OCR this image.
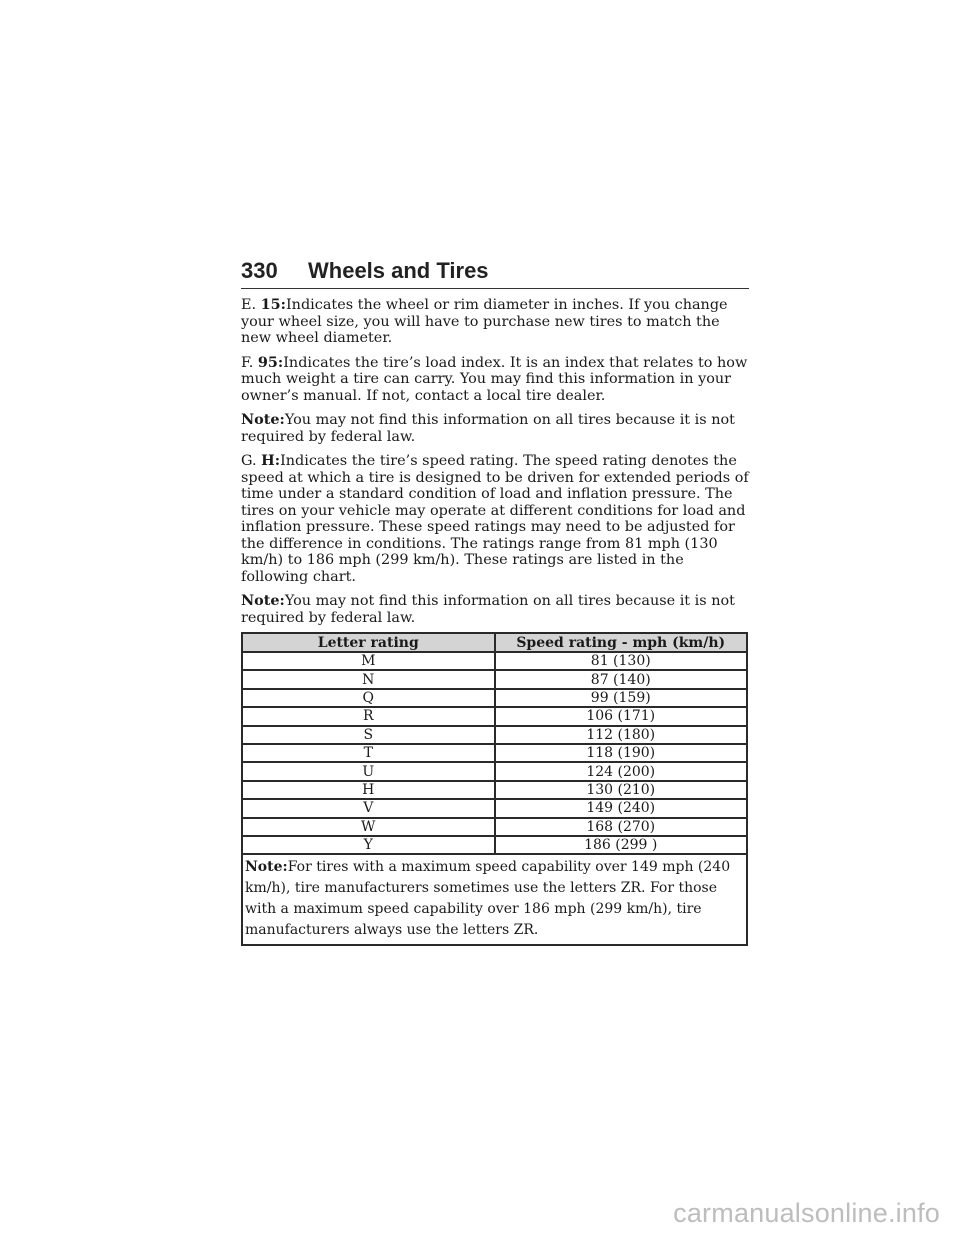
330 Wheels and Tires

E. 15:Indicates the wheel or rim diameter in inches. If you change your wheel size, you will have to purchase new tires to match the new wheel diameter.

F. 95:Indicates the tire’s load index. It is an index that relates to how much weight a tire can carry. You may find this information in your owner’s manual. If not, contact a local tire dealer.

Note:You may not find this information on all tires because it is not required by federal law.

G. H:Indicates the tire’s speed rating. The speed rating denotes the speed at which a tire is designed to be driven for extended periods of time under a standard condition of load and inflation pressure. The tires on your vehicle may operate at different conditions for load and inflation pressure. These speed ratings may need to be adjusted for the difference in conditions. The ratings range from 81 mph (130 km/h) to 186 mph (299 km/h). These ratings are listed in the following chart.

Note:You may not find this information on all tires because it is not required by federal law.

Letter rating	Speed rating - mph (km/h)
M	81 (130)
N	87 (140)
Q	99 (159)
R	106 (171)
S	112 (180)
T	118 (190)
U	124 (200)
H	130 (210)
V	149 (240)
W	168 (270)
Y	186 (299 )
Note:For tires with a maximum speed capability over 149 mph (240 km/h), tire manufacturers sometimes use the letters ZR. For those with a maximum speed capability over 186 mph (299 km/h), tire manufacturers always use the letters ZR.	
carmanualsonline.info
